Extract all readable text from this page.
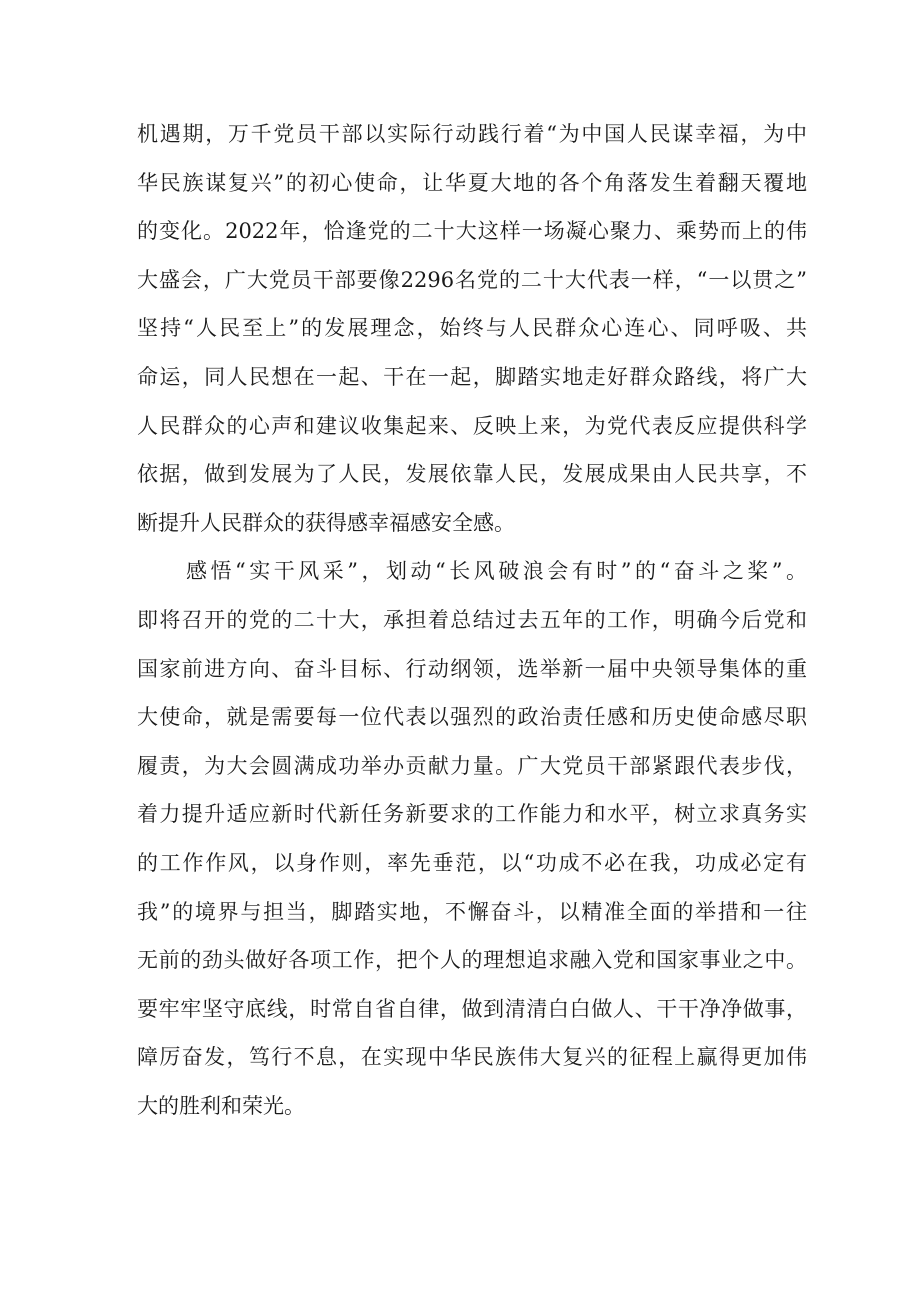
机遇期，万千党员干部以实际行动践行着“为中国人民谋幸福，为中
华民族谋复兴”的初心使命，让华夏大地的各个角落发生着翻天覆地
的变化。2022年，恰逢党的二十大这样一场凝心聚力、乘势而上的伟
大盛会，广大党员干部要像2296名党的二十大代表一样，“一以贯之”
坚持“人民至上”的发展理念，始终与人民群众心连心、同呼吸、共
命运，同人民想在一起、干在一起，脚踏实地走好群众路线，将广大
人民群众的心声和建议收集起来、反映上来，为党代表反应提供科学
依据，做到发展为了人民，发展依靠人民，发展成果由人民共享，不
断提升人民群众的获得感幸福感安全感。
　　感悟“实干风采”，划动“长风破浪会有时”的“奋斗之桨”。
即将召开的党的二十大，承担着总结过去五年的工作，明确今后党和
国家前进方向、奋斗目标、行动纲领，选举新一届中央领导集体的重
大使命，就是需要每一位代表以强烈的政治责任感和历史使命感尽职
履责，为大会圆满成功举办贡献力量。广大党员干部紧跟代表步伐，
着力提升适应新时代新任务新要求的工作能力和水平，树立求真务实
的工作作风，以身作则，率先垂范，以“功成不必在我，功成必定有
我”的境界与担当，脚踏实地，不懈奋斗，以精准全面的举措和一往
无前的劲头做好各项工作，把个人的理想追求融入党和国家事业之中。
要牢牢坚守底线，时常自省自律，做到清清白白做人、干干净净做事，
障厉奋发，笃行不息，在实现中华民族伟大复兴的征程上赢得更加伟
大的胜利和荣光。
